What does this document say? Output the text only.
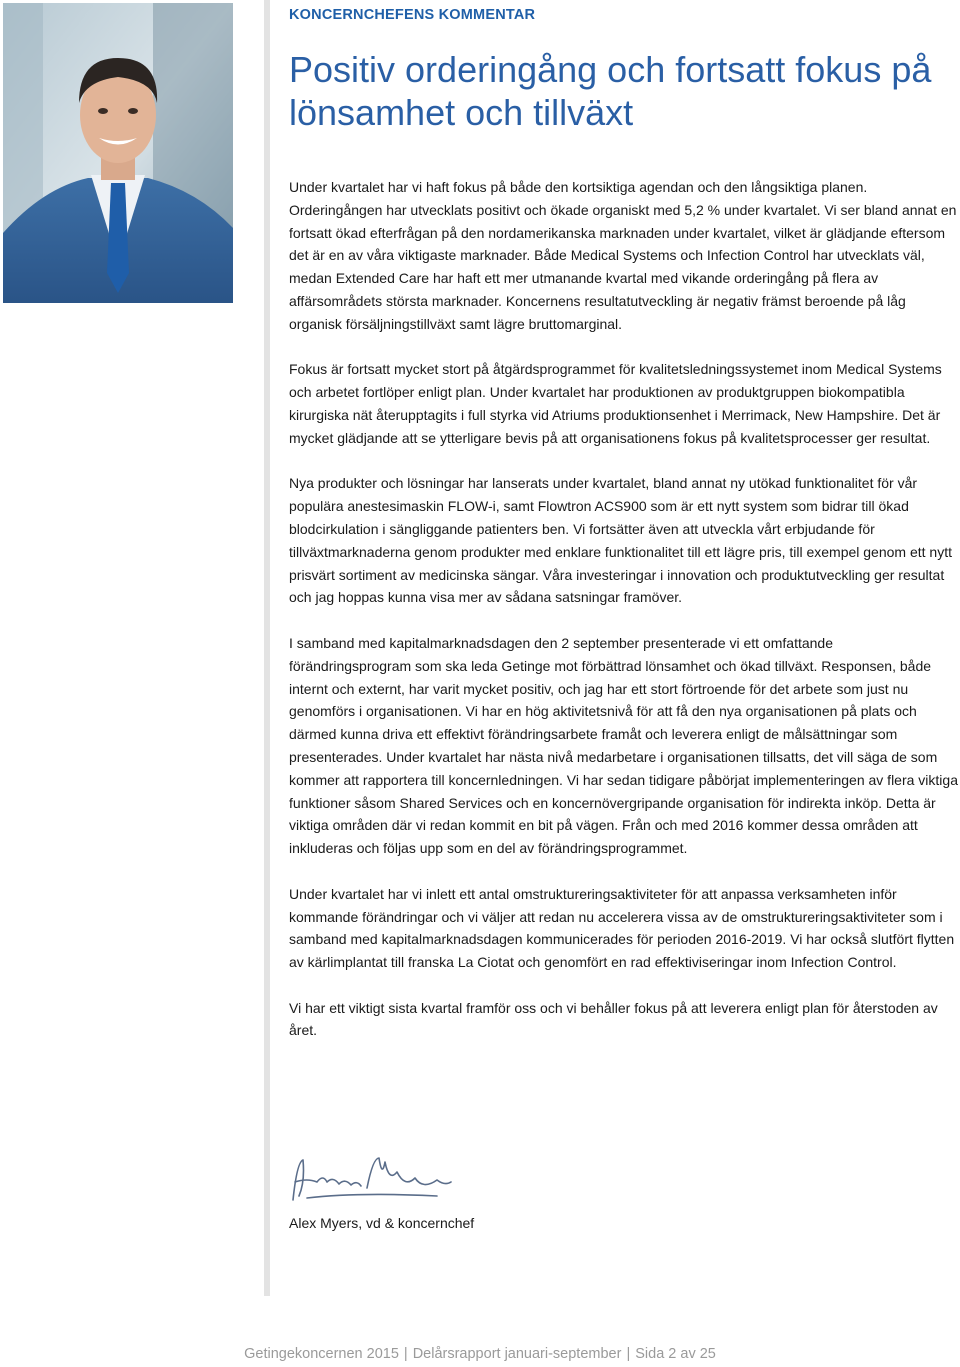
KONCERNCHEFENS KOMMENTAR
Positiv orderingång och fortsatt fokus på lönsamhet och tillväxt

Under kvartalet har vi haft fokus på både den kortsiktiga agendan och den långsiktiga planen. Orderingången har utvecklats positivt och ökade organiskt med 5,2 % under kvartalet. Vi ser bland annat en fortsatt ökad efterfrågan på den nordamerikanska marknaden under kvartalet, vilket är glädjande eftersom det är en av våra viktigaste marknader. Både Medical Systems och Infection Control har utvecklats väl, medan Extended Care har haft ett mer utmanande kvartal med vikande orderingång på flera av affärsområdets största marknader. Koncernens resultatutveckling är negativ främst beroende på låg organisk försäljningstillväxt samt lägre bruttomarginal.

Fokus är fortsatt mycket stort på åtgärdsprogrammet för kvalitetsledningssystemet inom Medical Systems och arbetet fortlöper enligt plan. Under kvartalet har produktionen av produktgruppen biokompatibla kirurgiska nät återupptagits i full styrka vid Atriums produktionsenhet i Merrimack, New Hampshire. Det är mycket glädjande att se ytterligare bevis på att organisationens fokus på kvalitetsprocesser ger resultat.

Nya produkter och lösningar har lanserats under kvartalet, bland annat ny utökad funktionalitet för vår populära anestesimaskin FLOW-i, samt Flowtron ACS900 som är ett nytt system som bidrar till ökad blodcirkulation i sängliggande patienters ben. Vi fortsätter även att utveckla vårt erbjudande för tillväxtmarknaderna genom produkter med enklare funktionalitet till ett lägre pris, till exempel genom ett nytt prisvärt sortiment av medicinska sängar. Våra investeringar i innovation och produktutveckling ger resultat och jag hoppas kunna visa mer av sådana satsningar framöver.

I samband med kapitalmarknadsdagen den 2 september presenterade vi ett omfattande förändringsprogram som ska leda Getinge mot förbättrad lönsamhet och ökad tillväxt. Responsen, både internt och externt, har varit mycket positiv, och jag har ett stort förtroende för det arbete som just nu genomförs i organisationen. Vi har en hög aktivitetsnivå för att få den nya organisationen på plats och därmed kunna driva ett effektivt förändringsarbete framåt och leverera enligt de målsättningar som presenterades. Under kvartalet har nästa nivå medarbetare i organisationen tillsatts, det vill säga de som kommer att rapportera till koncernledningen. Vi har sedan tidigare påbörjat implementeringen av flera viktiga funktioner såsom Shared Services och en koncernövergripande organisation för indirekta inköp. Detta är viktiga områden där vi redan kommit en bit på vägen. Från och med 2016 kommer dessa områden att inkluderas och följas upp som en del av förändringsprogrammet.

Under kvartalet har vi inlett ett antal omstruktureringsaktiviteter för att anpassa verksamheten inför kommande förändringar och vi väljer att redan nu accelerera vissa av de omstruktureringsaktiviteter som i samband med kapitalmarknadsdagen kommunicerades för perioden 2016-2019. Vi har också slutfört flytten av kärlimplantat till franska La Ciotat och genomfört en rad effektiviseringar inom Infection Control.

Vi har ett viktigt sista kvartal framför oss och vi behåller fokus på att leverera enligt plan för återstoden av året.

Alex Myers, vd & koncernchef

Getingekoncernen 2015 | Delårsrapport januari-september | Sida 2 av 25
